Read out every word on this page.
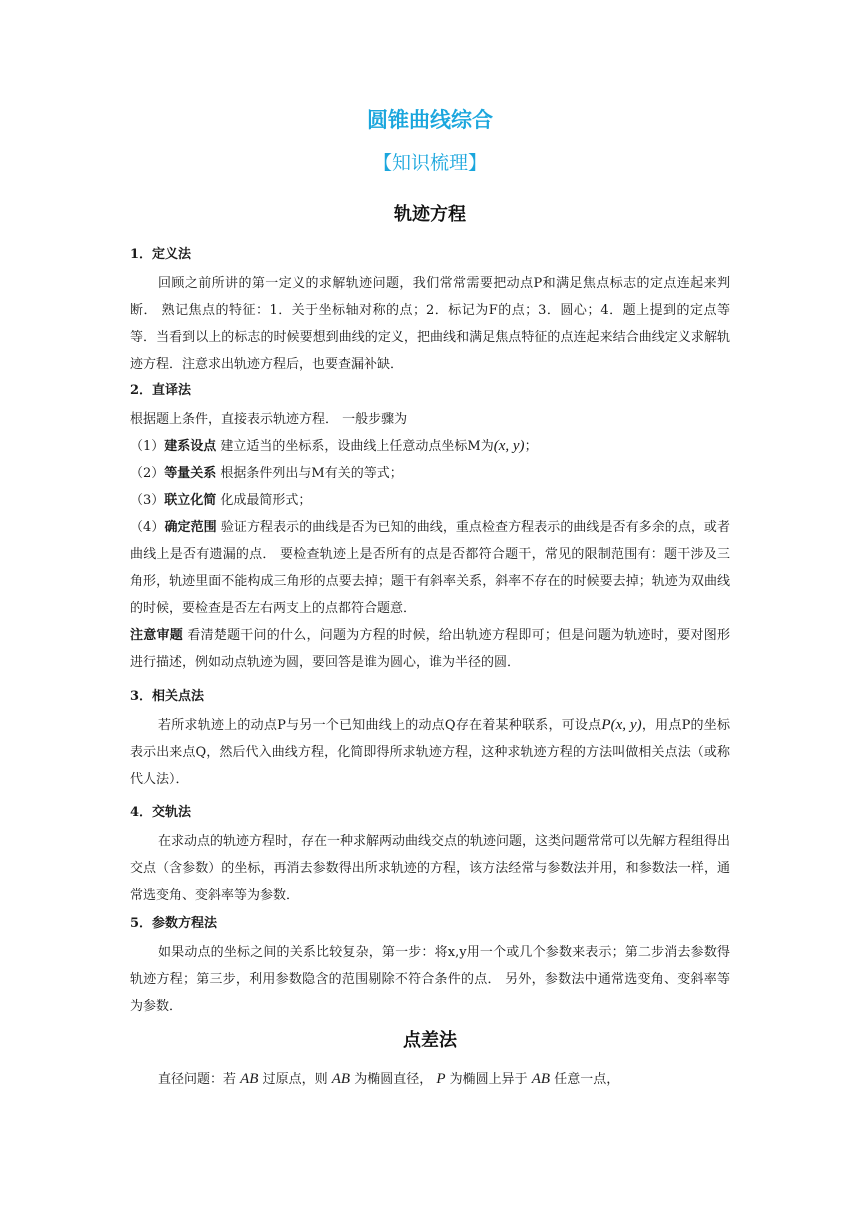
圆锥曲线综合
【知识梳理】
轨迹方程
1．定义法
回顾之前所讲的第一定义的求解轨迹问题，我们常常需要把动点P和满足焦点标志的定点连起来判断． 熟记焦点的特征：1．关于坐标轴对称的点；2．标记为F的点；3．圆心；4．题上提到的定点等等．当看到以上的标志的时候要想到曲线的定义，把曲线和满足焦点特征的点连起来结合曲线定义求解轨迹方程．注意求出轨迹方程后，也要查漏补缺．
2．直译法
根据题上条件，直接表示轨迹方程． 一般步骤为
（1）建系设点 建立适当的坐标系，设曲线上任意动点坐标M为(x, y)；
（2）等量关系 根据条件列出与M有关的等式；
（3）联立化简 化成最简形式；
（4）确定范围 验证方程表示的曲线是否为已知的曲线，重点检查方程表示的曲线是否有多余的点，或者曲线上是否有遗漏的点． 要检查轨迹上是否所有的点是否都符合题干，常见的限制范围有：题干涉及三角形，轨迹里面不能构成三角形的点要去掉；题干有斜率关系，斜率不存在的时候要去掉；轨迹为双曲线的时候，要检查是否左右两支上的点都符合题意．
注意审题 看清楚题干问的什么，问题为方程的时候，给出轨迹方程即可；但是问题为轨迹时，要对图形进行描述，例如动点轨迹为圆，要回答是谁为圆心，谁为半径的圆．
3．相关点法
若所求轨迹上的动点P与另一个已知曲线上的动点Q存在着某种联系，可设点P(x, y)，用点P的坐标表示出来点Q，然后代入曲线方程，化简即得所求轨迹方程，这种求轨迹方程的方法叫做相关点法（或称代人法）．
4．交轨法
在求动点的轨迹方程时，存在一种求解两动曲线交点的轨迹问题，这类问题常常可以先解方程组得出交点（含参数）的坐标，再消去参数得出所求轨迹的方程，该方法经常与参数法并用，和参数法一样，通常选变角、变斜率等为参数．
5．参数方程法
如果动点的坐标之间的关系比较复杂，第一步：将x,y用一个或几个参数来表示；第二步消去参数得轨迹方程；第三步，利用参数隐含的范围剔除不符合条件的点． 另外，参数法中通常选变角、变斜率等为参数．
点差法
直径问题：若 AB 过原点，则 AB 为椭圆直径， P 为椭圆上异于 AB 任意一点，
